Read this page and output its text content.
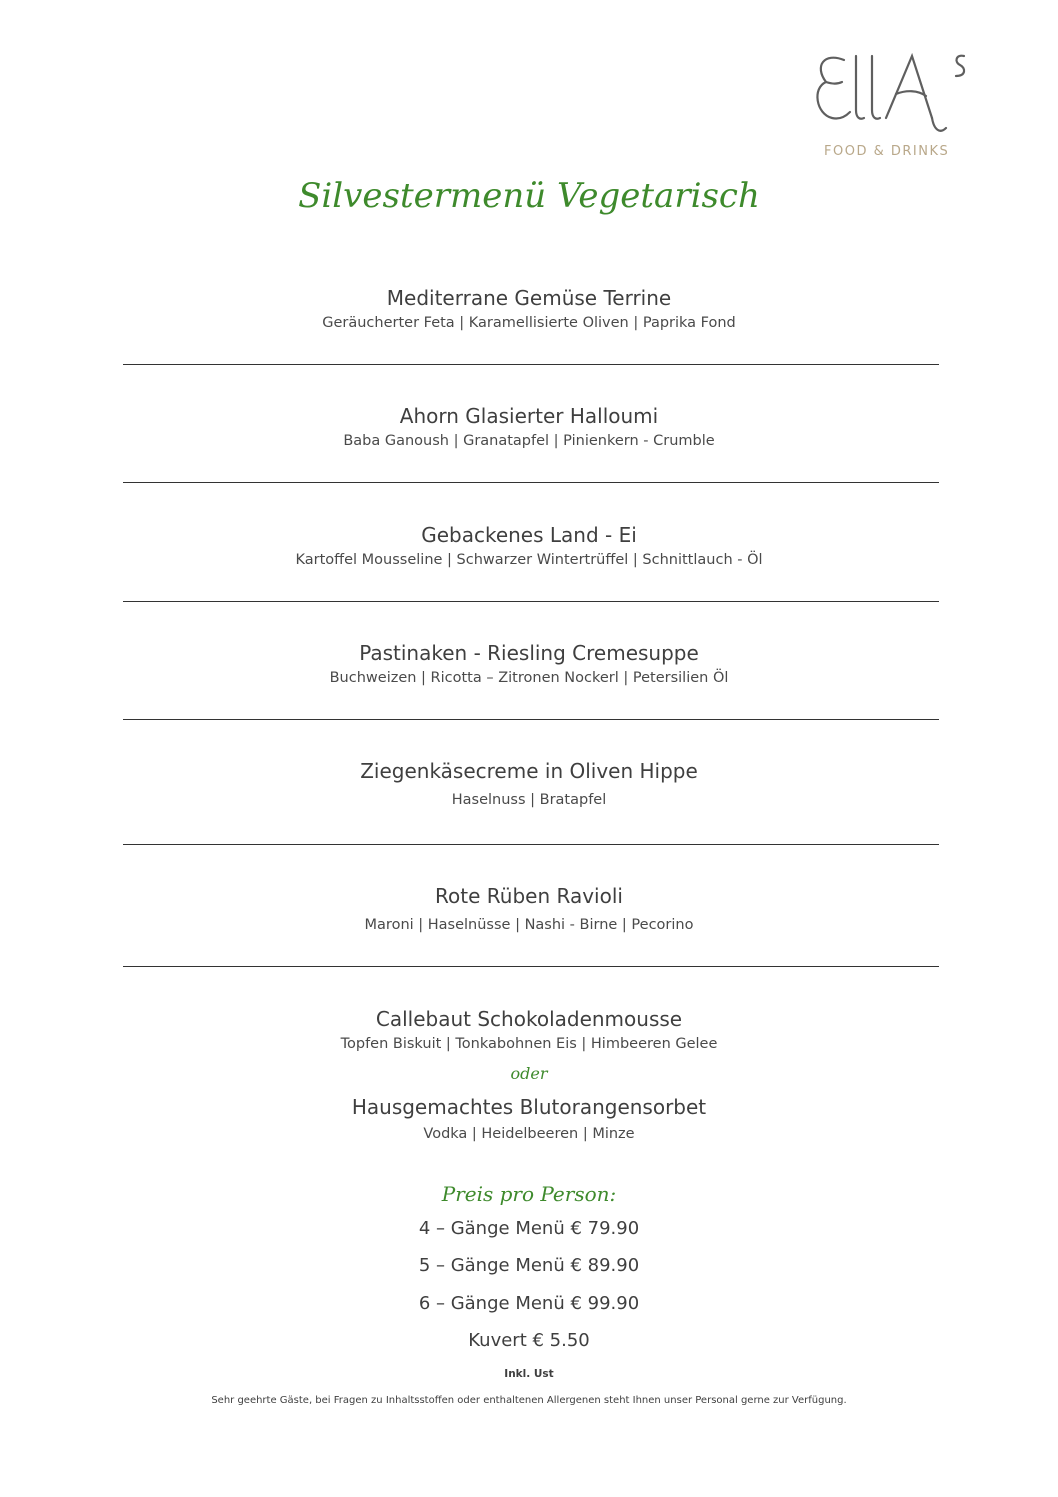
FOOD & DRINKS
Silvestermenü Vegetarisch
Mediterrane Gemüse Terrine
Geräucherter Feta | Karamellisierte Oliven | Paprika Fond
Ahorn Glasierter Halloumi
Baba Ganoush | Granatapfel | Pinienkern - Crumble
Gebackenes Land - Ei
Kartoffel Mousseline | Schwarzer Wintertrüffel | Schnittlauch - Öl
Pastinaken - Riesling Cremesuppe
Buchweizen | Ricotta – Zitronen Nockerl | Petersilien Öl
Ziegenkäsecreme in Oliven Hippe
Haselnuss | Bratapfel
Rote Rüben Ravioli
Maroni | Haselnüsse | Nashi - Birne | Pecorino
Callebaut Schokoladenmousse
Topfen Biskuit | Tonkabohnen Eis | Himbeeren Gelee
oder
Hausgemachtes Blutorangensorbet
Vodka | Heidelbeeren | Minze
Preis pro Person:
4 – Gänge Menü € 79.90
5 – Gänge Menü € 89.90
6 – Gänge Menü € 99.90
Kuvert € 5.50
Inkl. Ust
Sehr geehrte Gäste, bei Fragen zu Inhaltsstoffen oder enthaltenen Allergenen steht Ihnen unser Personal gerne zur Verfügung.
